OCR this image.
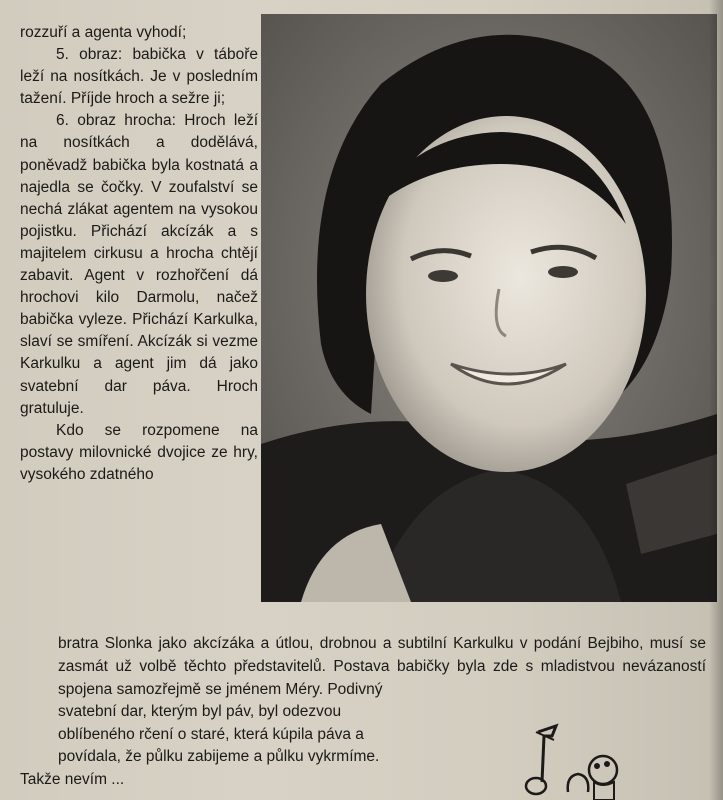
rozzuří a agenta vyhodí;

5. obraz: babička v táboře leží na nosítkách. Je v posledním tažení. Příjde hroch a sežre ji;

6. obraz hrocha: Hroch leží na nosítkách a dodělává, poněvadž babička byla kostnatá a najedla se čočky. V zoufalství se nechá zlákat agentem na vysokou pojistku. Přichází akcízák a s majitelem cirkusu a hrocha chtějí zabavit. Agent v rozhořčení dá hrochovi kilo Darmolu, načež babička vyleze. Přichází Karkulka, slaví se smíření. Akcízák si vezme Karkulku a agent jim dá jako svatební dar páva. Hroch gratuluje.

Kdo se rozpomene na postavy milovnické dvojice ze hry, vysokého zdatného

bratra Slonka jako akcízáka a útlou, drobnou a subtilní Karkulku v podání Bejbiho, musí se zasmát už volbě těchto představitelů. Postava babičky byla zde s mladistvou nevázaností spojena samozřejmě se jménem Méry. Podivný

svatební dar, kterým byl páv, byl odezvou

oblíbeného rčení o staré, která kúpila páva a

povídala, že půlku zabijeme a půlku vykrmíme.

Takže nevím ...
